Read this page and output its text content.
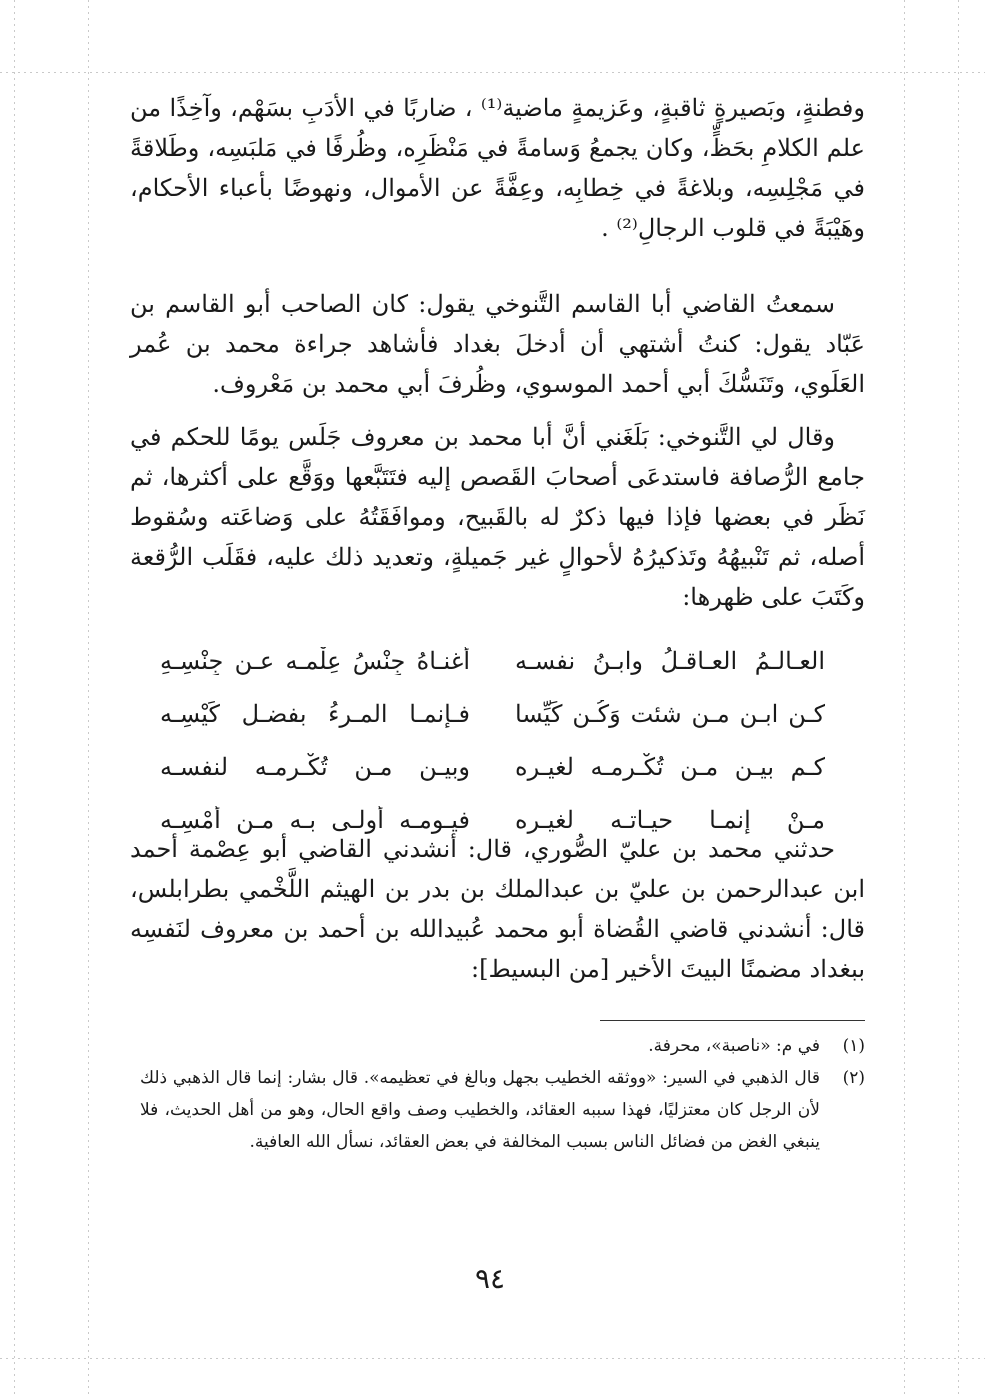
وفطنةٍ، وبَصيرةٍ ثاقبةٍ، وعَزيمةٍ ماضية⁽¹⁾ ، ضاربًا في الأدَبِ بسَهْم، وآخِذًا من علم الكلامِ بحَظٍّ، وكان يجمعُ وَسامةً في مَنْظَرِه، وظُرفًا في مَلبَسِه، وطَلاقةً في مَجْلِسِه، وبلاغةً في خِطابِه، وعِفَّةً عن الأموال، ونهوضًا بأعباء الأحكام، وهَيْبَةً في قلوب الرجالِ⁽²⁾ .

سمعتُ القاضي أبا القاسم التَّنوخي يقول: كان الصاحب أبو القاسم بن عَبّاد يقول: كنتُ أشتهي أن أدخلَ بغداد فأشاهد جراءة محمد بن عُمر العَلَوي، وتَنَسُّكَ أبي أحمد الموسوي، وظُرفَ أبي محمد بن مَعْروف.

وقال لي التَّنوخي: بَلَغَني أنَّ أبا محمد بن معروف جَلَس يومًا للحكم في جامع الرُّصافة فاستدعَى أصحابَ القَصص إليه فتَتَبَّعها ووَقَّع على أكثرها، ثم نَظَر في بعضها فإذا فيها ذكرٌ له بالقَبيح، وموافَقَتُهُ على وَضاعَته وسُقوط أصله، ثم تَنْبيهُهُ وتَذكيرُهُ لأحوالٍ غير جَميلةٍ، وتعديد ذلك عليه، فقَلَب الرُّقعة وكَتَبَ على ظهرها:

العـالـمُ العـاقـلُ وابـنُ نفسـه
أغنـاهُ جِنْسُ عِلْمـه عـن جِنْسِـهِ
كـن ابـن مـن شئت وَكُـن كَيِّسا
فـإنمـا المـرءُ بفضـل كَيْسِـه
كـم بيـن مـن تُكْـرمـه لغيـره
وبيـن مـن تُكْـرمـه لنفسـه
مـنْ إنمـا حيـاتـه لغيـره
فيـومـه أولـى بـه مـن أمْسِـه

حدثني محمد بن عليّ الصُّوري، قال: أنشدني القاضي أبو عِصْمة أحمد ابن عبدالرحمن بن عليّ بن عبدالملك بن بدر بن الهيثم اللَّخْمي بطرابلس، قال: أنشدني قاضي القُضاة أبو محمد عُبيدالله بن أحمد بن معروف لنَفسِه ببغداد مضمنًا البيتَ الأخير [من البسيط]:

(١)
في م: «ناصبة»، محرفة.
(٢)
قال الذهبي في السير: «ووثقه الخطيب بجهل وبالغ في تعظيمه». قال بشار: إنما قال الذهبي ذلك لأن الرجل كان معتزليًا، فهذا سببه العقائد، والخطيب وصف واقع الحال، وهو من أهل الحديث، فلا ينبغي الغض من فضائل الناس بسبب المخالفة في بعض العقائد، نسأل الله العافية.
٩٤
